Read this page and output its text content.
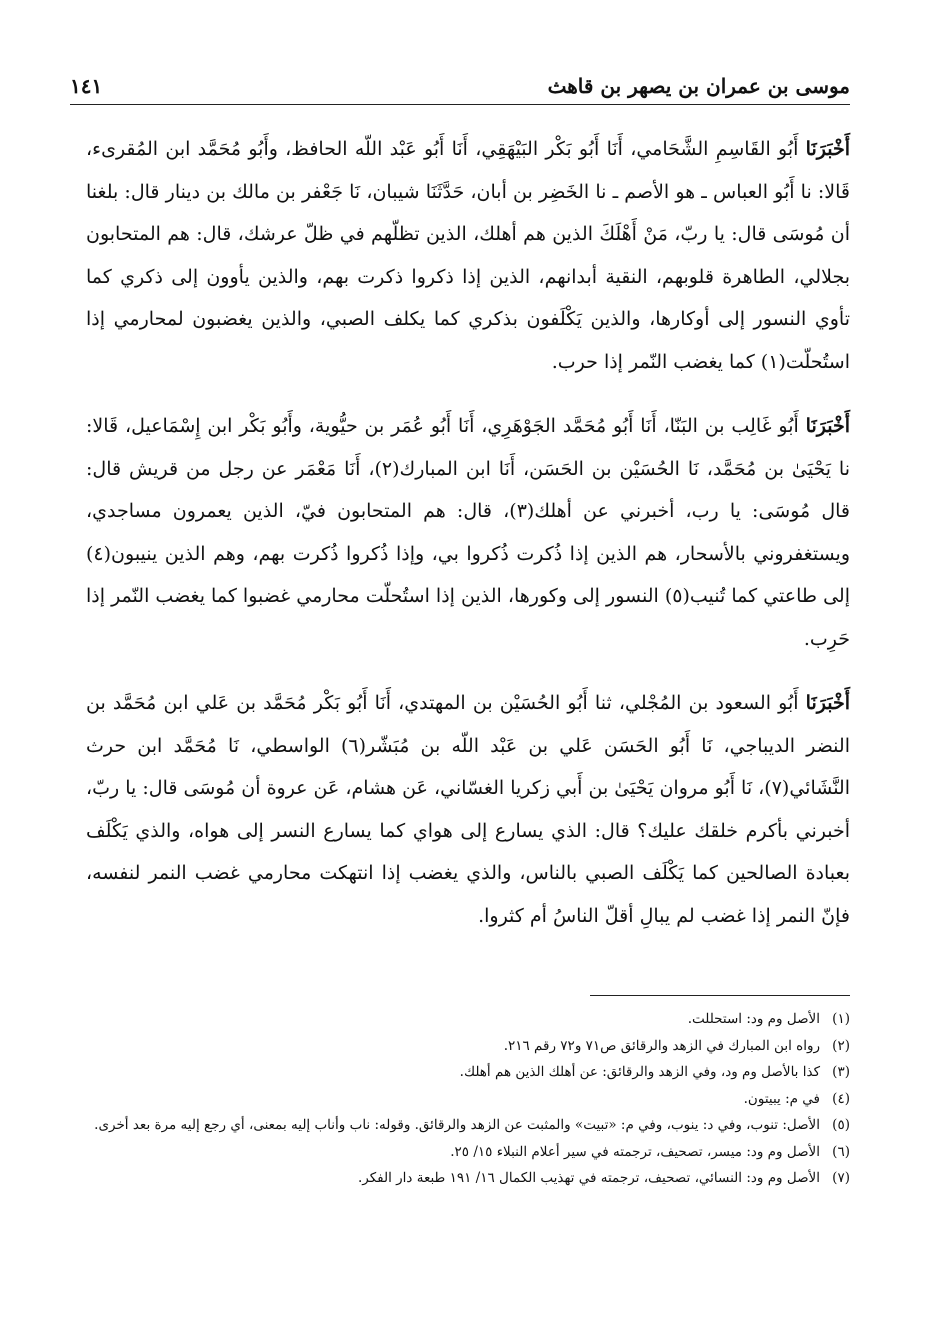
موسى بن عمران بن يصهر بن قاهث
١٤١

أَخْبَرَنَا أَبُو القَاسِمِ الشَّحَامي، أَنَا أَبُو بَكْر البَيْهَقِي، أَنَا أَبُو عَبْد اللّه الحافظ، وأَبُو مُحَمَّد ابن المُقرىء، قَالا: نا أَبُو العباس ـ هو الأصم ـ نا الخَضِر بن أبان، حَدَّثَنَا شيبان، نَا جَعْفر بن مالك بن دينار قال: بلغنا أن مُوسَى قال: يا ربّ، مَنْ أَهْلَكَ الذين هم أهلك، الذين تظلّهم في ظلّ عرشك، قال: هم المتحابون بجلالي، الطاهرة قلوبهم، النقية أبدانهم، الذين إذا ذكروا ذكرت بهم، والذين يأوون إلى ذكري كما تأوي النسور إلى أوكارها، والذين يَكْلَفون بذكري كما يكلف الصبي، والذين يغضبون لمحارمي إذا استُحلّت(١) كما يغضب النّمر إذا حرب.

أَخْبَرَنَا أَبُو غَالِب بن البَنّا، أَنَا أَبُو مُحَمَّد الجَوْهَرِي، أَنَا أَبُو عُمَر بن حيُّوية، وأَبُو بَكْر ابن إِسْمَاعيل، قَالا: نا يَحْيَىٰ بن مُحَمَّد، نَا الحُسَيْن بن الحَسَن، أَنَا ابن المبارك(٢)، أَنَا مَعْمَر عن رجل من قريش قال: قال مُوسَى: يا رب، أخبرني عن أهلك(٣)، قال: هم المتحابون فيّ، الذين يعمرون مساجدي، ويستغفروني بالأسحار، هم الذين إذا ذُكرت ذُكروا بي، وإذا ذُكروا ذُكرت بهم، وهم الذين ينيبون(٤) إلى طاعتي كما تُنيب(٥) النسور إلى وكورها، الذين إذا استُحلّت محارمي غضبوا كما يغضب النّمر إذا حَرِب.

أَخْبَرَنَا أَبُو السعود بن المُجْلي، ثنا أَبُو الحُسَيْن بن المهتدي، أَنَا أَبُو بَكْر مُحَمَّد بن عَلي ابن مُحَمَّد بن النضر الديباجي، نَا أَبُو الحَسَن عَلي بن عَبْد اللّه بن مُبَشّر(٦) الواسطي، نَا مُحَمَّد ابن حرث النَّشَائي(٧)، نَا أَبُو مروان يَحْيَىٰ بن أَبي زكريا الغسّاني، عَن هشام، عَن عروة أن مُوسَى قال: يا ربّ، أخبرني بأكرم خلقك عليك؟ قال: الذي يسارع إلى هواي كما يسارع النسر إلى هواه، والذي يَكْلَف بعبادة الصالحين كما يَكْلَف الصبي بالناس، والذي يغضب إذا انتهكت محارمي غضب النمر لنفسه، فإنّ النمر إذا غضب لم يبالِ أقلّ الناسُ أم كثروا.

(١)
الأصل وم ود: استحللت.
(٢)
رواه ابن المبارك في الزهد والرقائق ص٧١ و٧٢ رقم ٢١٦.
(٣)
كذا بالأصل وم ود، وفي الزهد والرقائق: عن أهلك الذين هم أهلك.
(٤)
في م: يبيتون.
(٥)
الأصل: تنوب، وفي د: ينوب، وفي م: «تبيت» والمثبت عن الزهد والرقائق. وقوله: ناب وأناب إليه بمعنى، أي رجع إليه مرة بعد أخرى.
(٦)
الأصل وم ود: ميسر، تصحيف، ترجمته في سير أعلام النبلاء ١٥/ ٢٥.
(٧)
الأصل وم ود: النسائي، تصحيف، ترجمته في تهذيب الكمال ١٦/ ١٩١ طبعة دار الفكر.
